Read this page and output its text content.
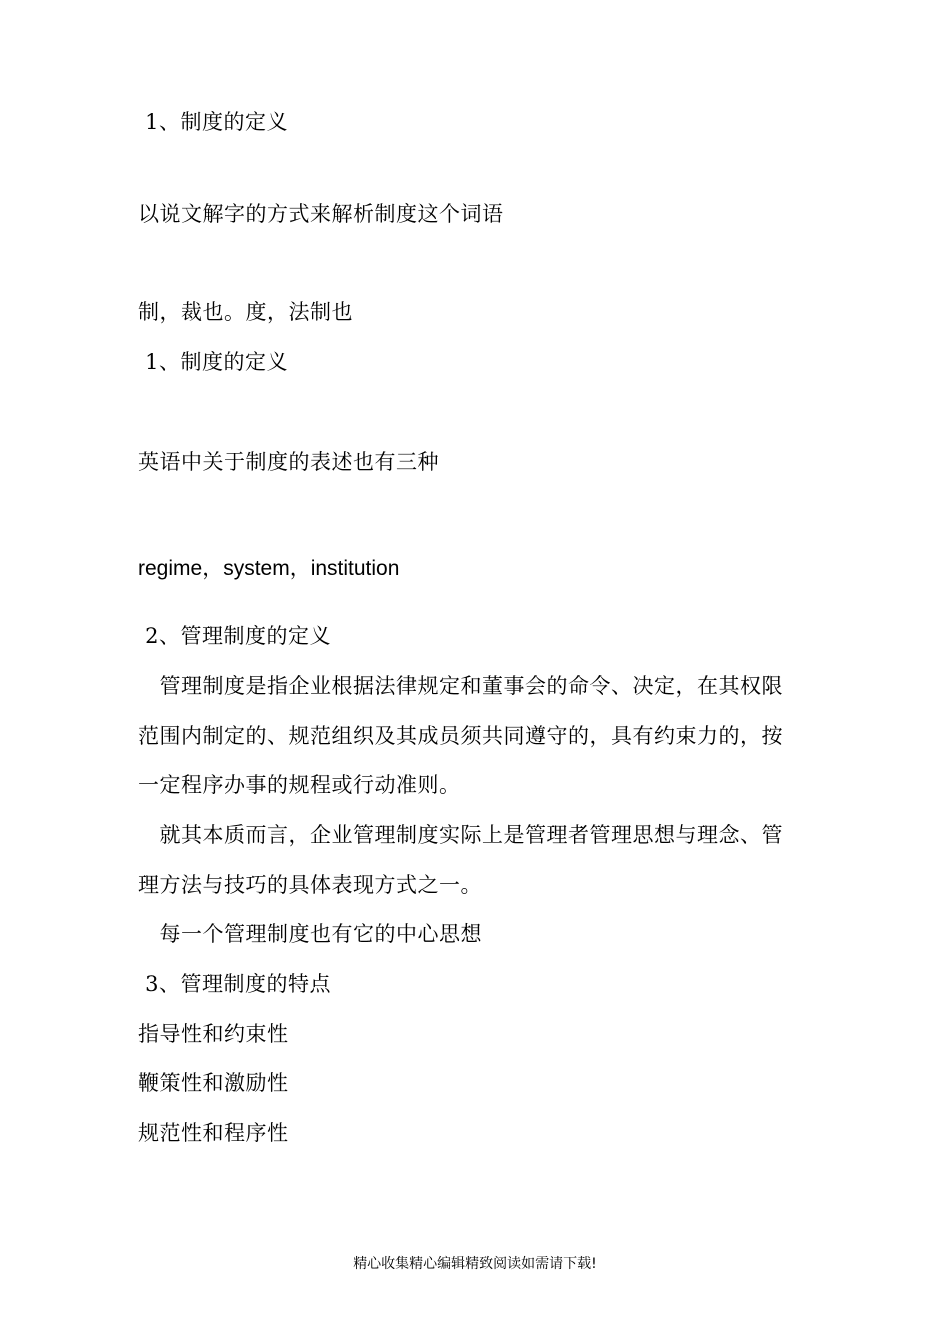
1、制度的定义
以说文解字的方式来解析制度这个词语
制，裁也。度，法制也
1、制度的定义
英语中关于制度的表述也有三种
regime，system，institution
2、管理制度的定义
管理制度是指企业根据法律规定和董事会的命令、决定，在其权限
范围内制定的、规范组织及其成员须共同遵守的，具有约束力的，按
一定程序办事的规程或行动准则。
就其本质而言，企业管理制度实际上是管理者管理思想与理念、管
理方法与技巧的具体表现方式之一。
每一个管理制度也有它的中心思想
3、管理制度的特点
指导性和约束性
鞭策性和激励性
规范性和程序性
精心收集精心编辑精致阅读如需请下载!
